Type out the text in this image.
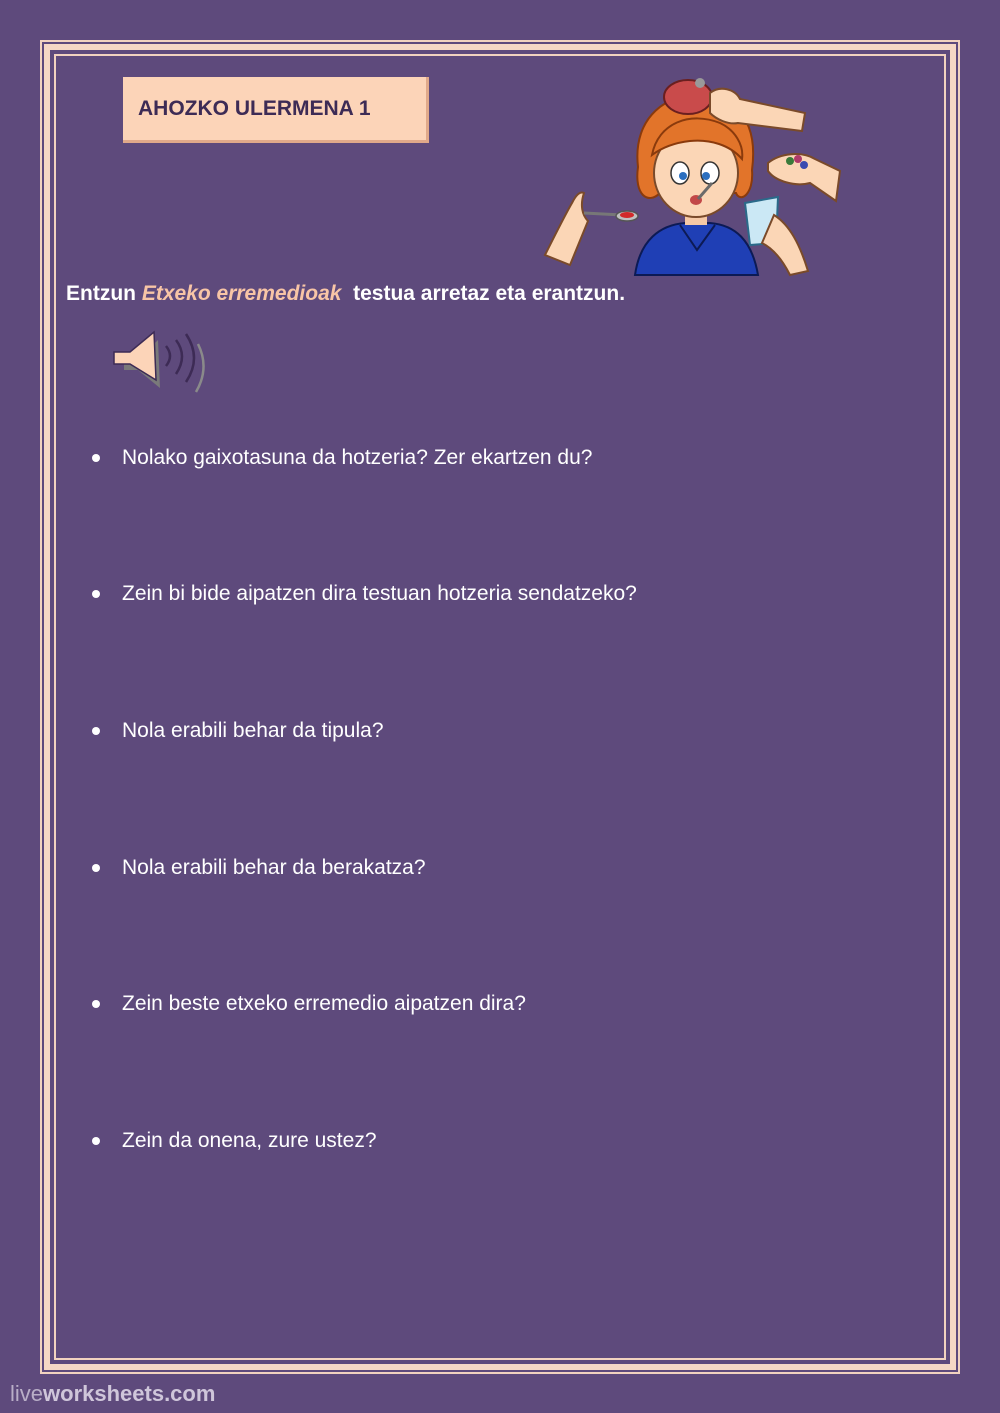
AHOZKO ULERMENA 1
Entzun Etxeko erremedioak  testua arretaz eta erantzun.
Nolako gaixotasuna da hotzeria? Zer ekartzen du?
Zein bi bide aipatzen dira testuan hotzeria sendatzeko?
Nola erabili behar da tipula?
Nola erabili behar da berakatza?
Zein beste etxeko erremedio aipatzen dira?
Zein da onena, zure ustez?
liveworksheets.com
